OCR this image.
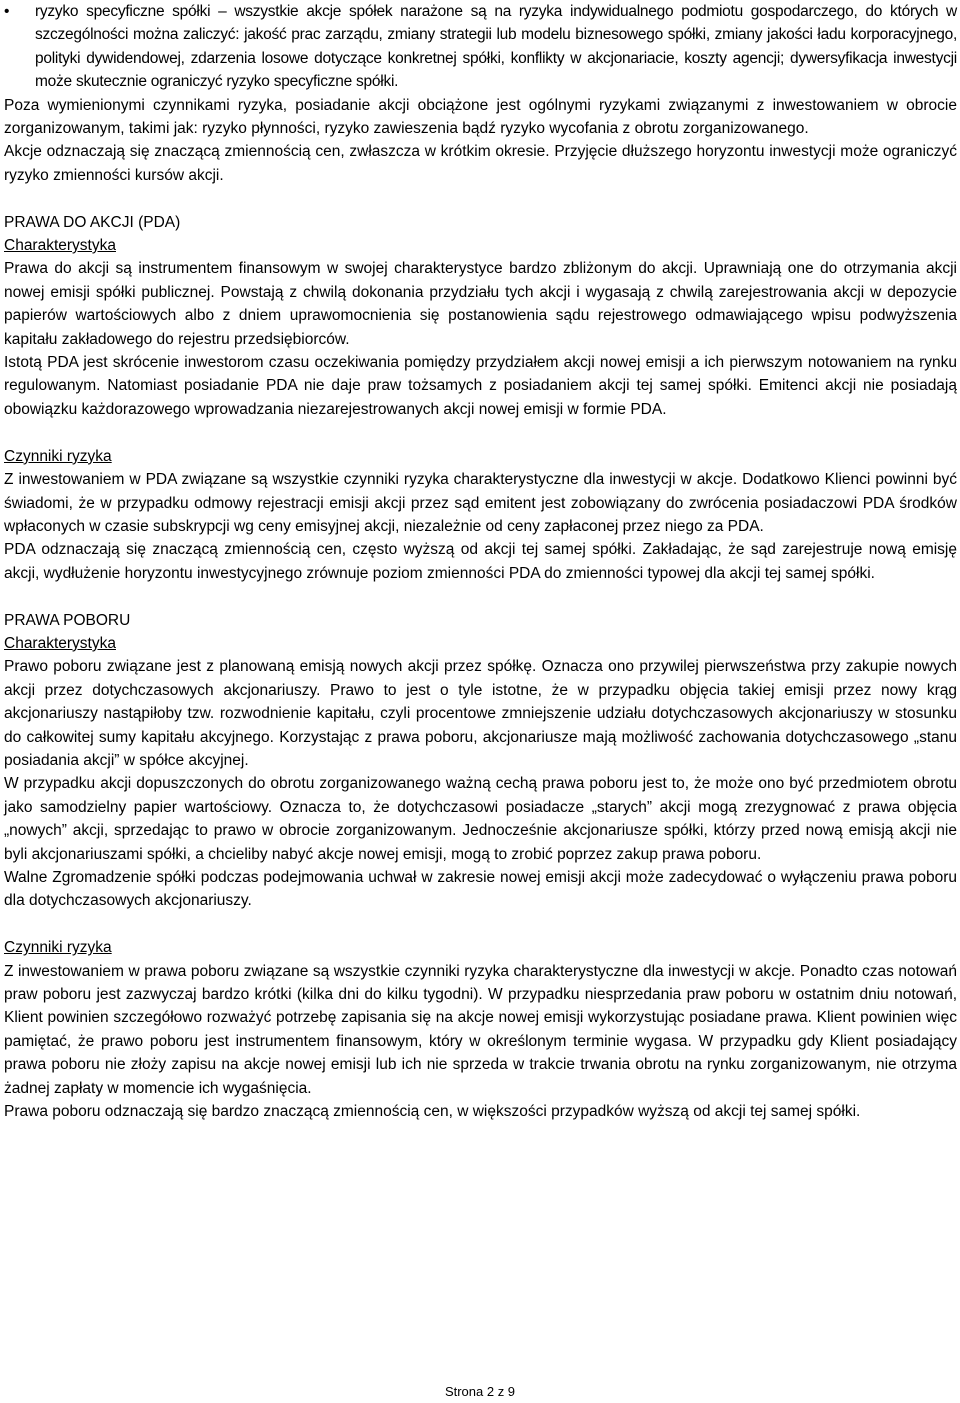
• ryzyko specyficzne spółki – wszystkie akcje spółek narażone są na ryzyka indywidualnego podmiotu gospodarczego, do których w szczególności można zaliczyć: jakość prac zarządu, zmiany strategii lub modelu biznesowego spółki, zmiany jakości ładu korporacyjnego, polityki dywidendowej, zdarzenia losowe dotyczące konkretnej spółki, konflikty w akcjonariacie, koszty agencji; dywersyfikacja inwestycji może skutecznie ograniczyć ryzyko specyficzne spółki.

Poza wymienionymi czynnikami ryzyka, posiadanie akcji obciążone jest ogólnymi ryzykami związanymi z inwestowaniem w obrocie zorganizowanym, takimi jak: ryzyko płynności, ryzyko zawieszenia bądź ryzyko wycofania z obrotu zorganizowanego.

Akcje odznaczają się znaczącą zmiennością cen, zwłaszcza w krótkim okresie. Przyjęcie dłuższego horyzontu inwestycji może ograniczyć ryzyko zmienności kursów akcji.

PRAWA DO AKCJI (PDA)
Charakterystyka

Prawa do akcji są instrumentem finansowym w swojej charakterystyce bardzo zbliżonym do akcji. Uprawniają one do otrzymania akcji nowej emisji spółki publicznej. Powstają z chwilą dokonania przydziału tych akcji i wygasają z chwilą zarejestrowania akcji w depozycie papierów wartościowych albo z dniem uprawomocnienia się postanowienia sądu rejestrowego odmawiającego wpisu podwyższenia kapitału zakładowego do rejestru przedsiębiorców.

Istotą PDA jest skrócenie inwestorom czasu oczekiwania pomiędzy przydziałem akcji nowej emisji a ich pierwszym notowaniem na rynku regulowanym. Natomiast posiadanie PDA nie daje praw tożsamych z posiadaniem akcji tej samej spółki. Emitenci akcji nie posiadają obowiązku każdorazowego wprowadzania niezarejestrowanych akcji nowej emisji w formie PDA.

Czynniki ryzyka

Z inwestowaniem w PDA związane są wszystkie czynniki ryzyka charakterystyczne dla inwestycji w akcje. Dodatkowo Klienci powinni być świadomi, że w przypadku odmowy rejestracji emisji akcji przez sąd emitent jest zobowiązany do zwrócenia posiadaczowi PDA środków wpłaconych w czasie subskrypcji wg ceny emisyjnej akcji, niezależnie od ceny zapłaconej przez niego za PDA.

PDA odznaczają się znaczącą zmiennością cen, często wyższą od akcji tej samej spółki. Zakładając, że sąd zarejestruje nową emisję akcji, wydłużenie horyzontu inwestycyjnego zrównuje poziom zmienności PDA do zmienności typowej dla akcji tej samej spółki.

PRAWA POBORU
Charakterystyka

Prawo poboru związane jest z planowaną emisją nowych akcji przez spółkę. Oznacza ono przywilej pierwszeństwa przy zakupie nowych akcji przez dotychczasowych akcjonariuszy. Prawo to jest o tyle istotne, że w przypadku objęcia takiej emisji przez nowy krąg akcjonariuszy nastąpiłoby tzw. rozwodnienie kapitału, czyli procentowe zmniejszenie udziału dotychczasowych akcjonariuszy w stosunku do całkowitej sumy kapitału akcyjnego. Korzystając z prawa poboru, akcjonariusze mają możliwość zachowania dotychczasowego „stanu posiadania akcji” w spółce akcyjnej.

W przypadku akcji dopuszczonych do obrotu zorganizowanego ważną cechą prawa poboru jest to, że może ono być przedmiotem obrotu jako samodzielny papier wartościowy. Oznacza to, że dotychczasowi posiadacze „starych” akcji mogą zrezygnować z prawa objęcia „nowych” akcji, sprzedając to prawo w obrocie zorganizowanym. Jednocześnie akcjonariusze spółki, którzy przed nową emisją akcji nie byli akcjonariuszami spółki, a chcieliby nabyć akcje nowej emisji, mogą to zrobić poprzez zakup prawa poboru.

Walne Zgromadzenie spółki podczas podejmowania uchwał w zakresie nowej emisji akcji może zadecydować o wyłączeniu prawa poboru dla dotychczasowych akcjonariuszy.

Czynniki ryzyka

Z inwestowaniem w prawa poboru związane są wszystkie czynniki ryzyka charakterystyczne dla inwestycji w akcje. Ponadto czas notowań praw poboru jest zazwyczaj bardzo krótki (kilka dni do kilku tygodni). W przypadku niesprzedania praw poboru w ostatnim dniu notowań, Klient powinien szczegółowo rozważyć potrzebę zapisania się na akcje nowej emisji wykorzystując posiadane prawa. Klient powinien więc pamiętać, że prawo poboru jest instrumentem finansowym, który w określonym terminie wygasa. W przypadku gdy Klient posiadający prawa poboru nie złoży zapisu na akcje nowej emisji lub ich nie sprzeda w trakcie trwania obrotu na rynku zorganizowanym, nie otrzyma żadnej zapłaty w momencie ich wygaśnięcia.

Prawa poboru odznaczają się bardzo znaczącą zmiennością cen, w większości przypadków wyższą od akcji tej samej spółki.

Strona 2 z 9
